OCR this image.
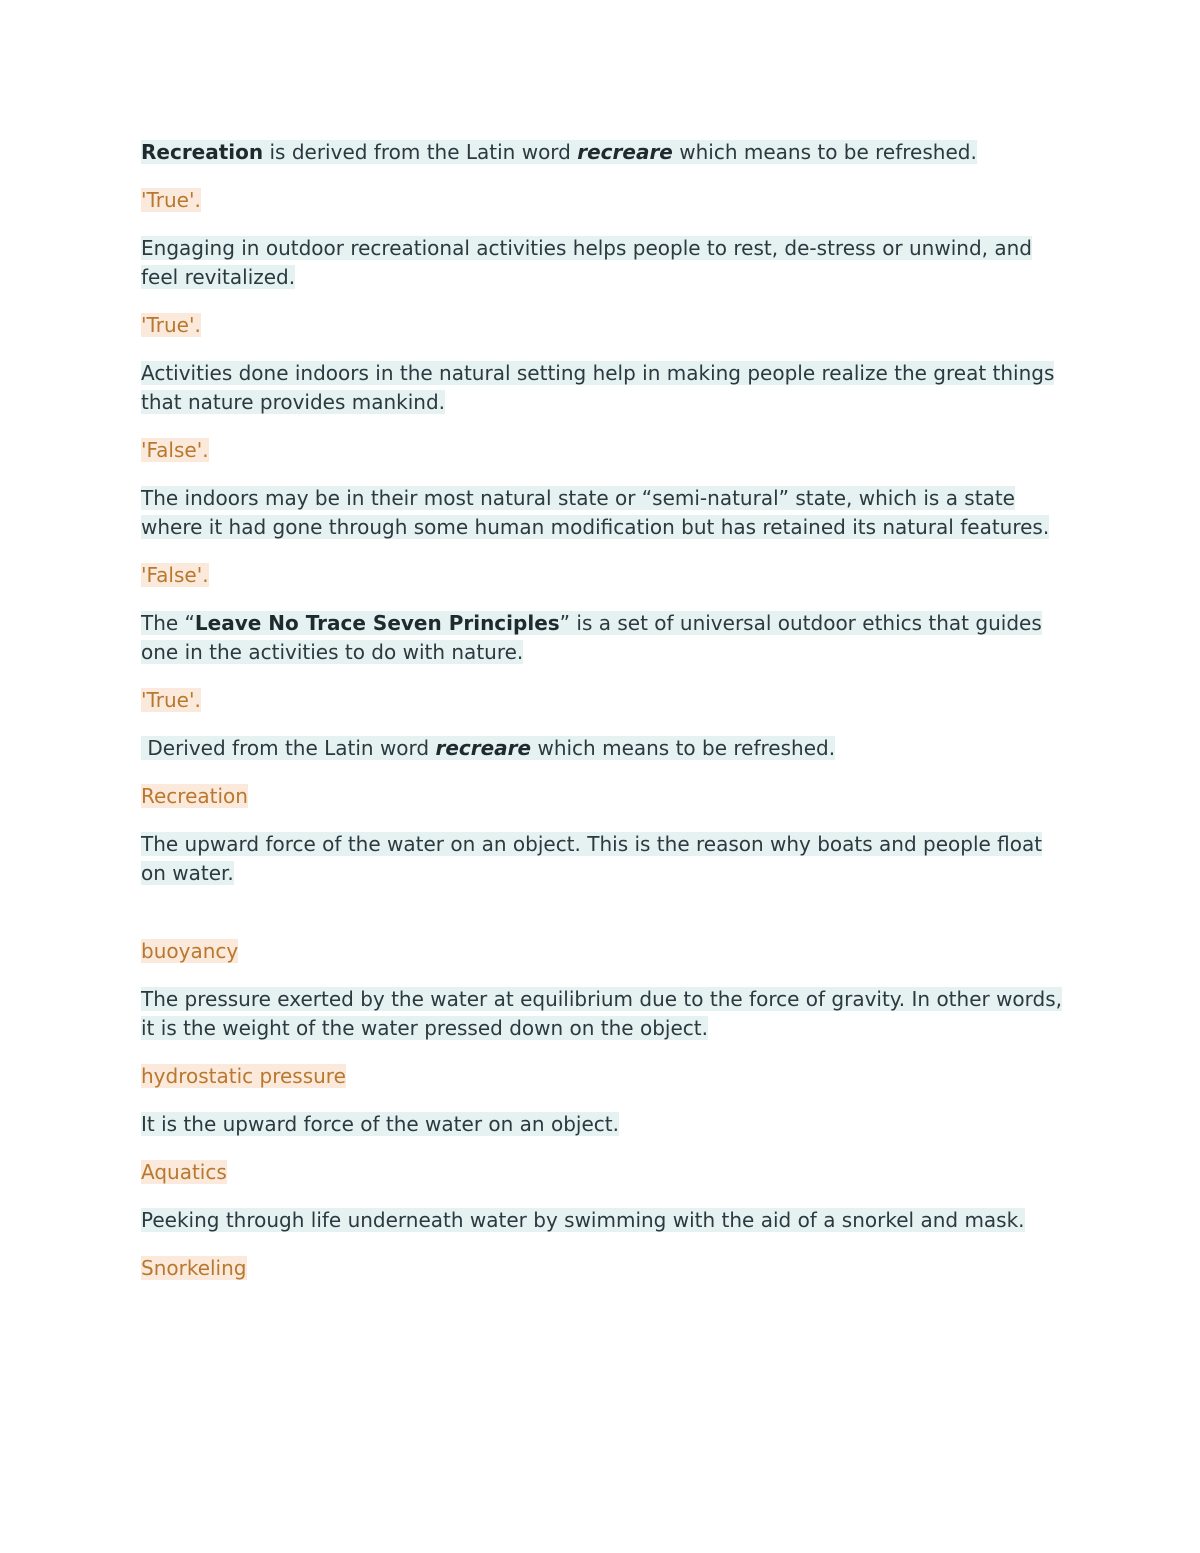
Recreation is derived from the Latin word recreare which means to be refreshed.

'True'.

Engaging in outdoor recreational activities helps people to rest, de-stress or unwind, and feel revitalized.

'True'.

Activities done indoors in the natural setting help in making people realize the great things that nature provides mankind.

'False'.

The indoors may be in their most natural state or “semi-natural” state, which is a state where it had gone through some human modification but has retained its natural features.

'False'.

The “Leave No Trace Seven Principles” is a set of universal outdoor ethics that guides one in the activities to do with nature.

'True'.

Derived from the Latin word recreare which means to be refreshed.

Recreation

The upward force of the water on an object. This is the reason why boats and people float on water.

buoyancy

The pressure exerted by the water at equilibrium due to the force of gravity. In other words, it is the weight of the water pressed down on the object.

hydrostatic pressure

It is the upward force of the water on an object.

Aquatics

Peeking through life underneath water by swimming with the aid of a snorkel and mask.

Snorkeling
